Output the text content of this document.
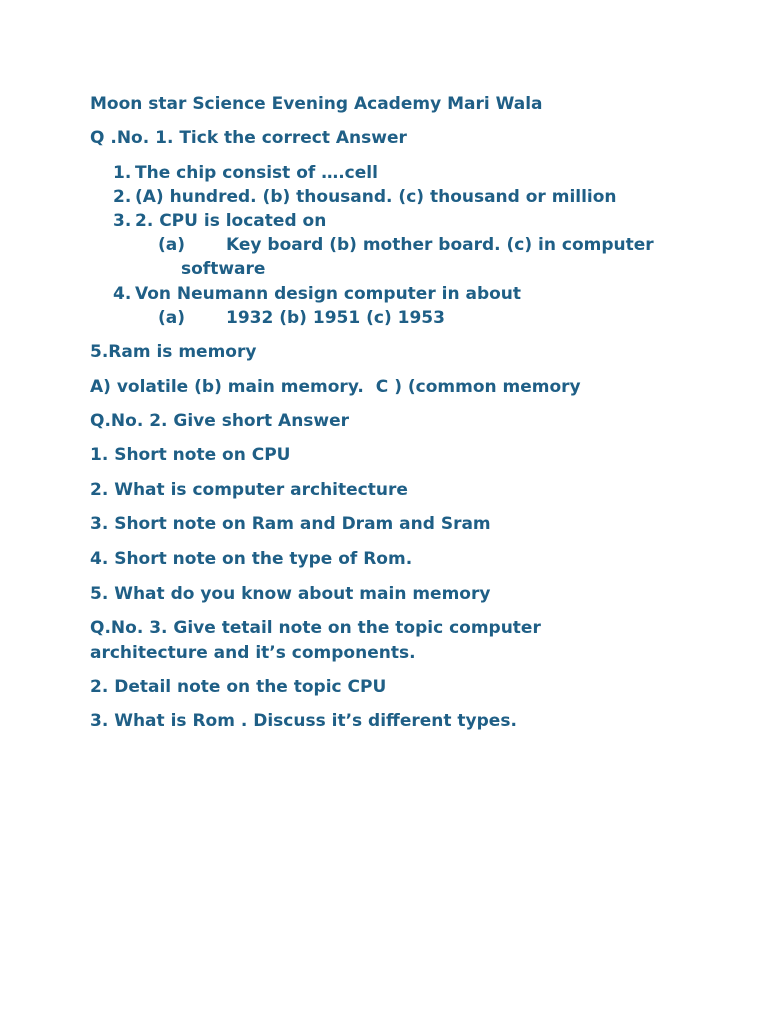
Moon star Science Evening Academy Mari Wala
Q .No. 1. Tick the correct Answer
1. The chip consist of ….cell
2. (A) hundred. (b) thousand. (c) thousand or million
3. 2. CPU is located on
(a) Key board (b) mother board. (c) in computer
software
4. Von Neumann design computer in about
(a) 1932 (b) 1951 (c) 1953
5.Ram is memory
A) volatile (b) main memory. C ) (common memory
Q.No. 2. Give short Answer
1. Short note on CPU
2. What is computer architecture
3. Short note on Ram and Dram and Sram
4. Short note on the type of Rom.
5. What do you know about main memory
Q.No. 3. Give tetail note on the topic computer
architecture and it’s components.
2. Detail note on the topic CPU
3. What is Rom . Discuss it’s different types.
